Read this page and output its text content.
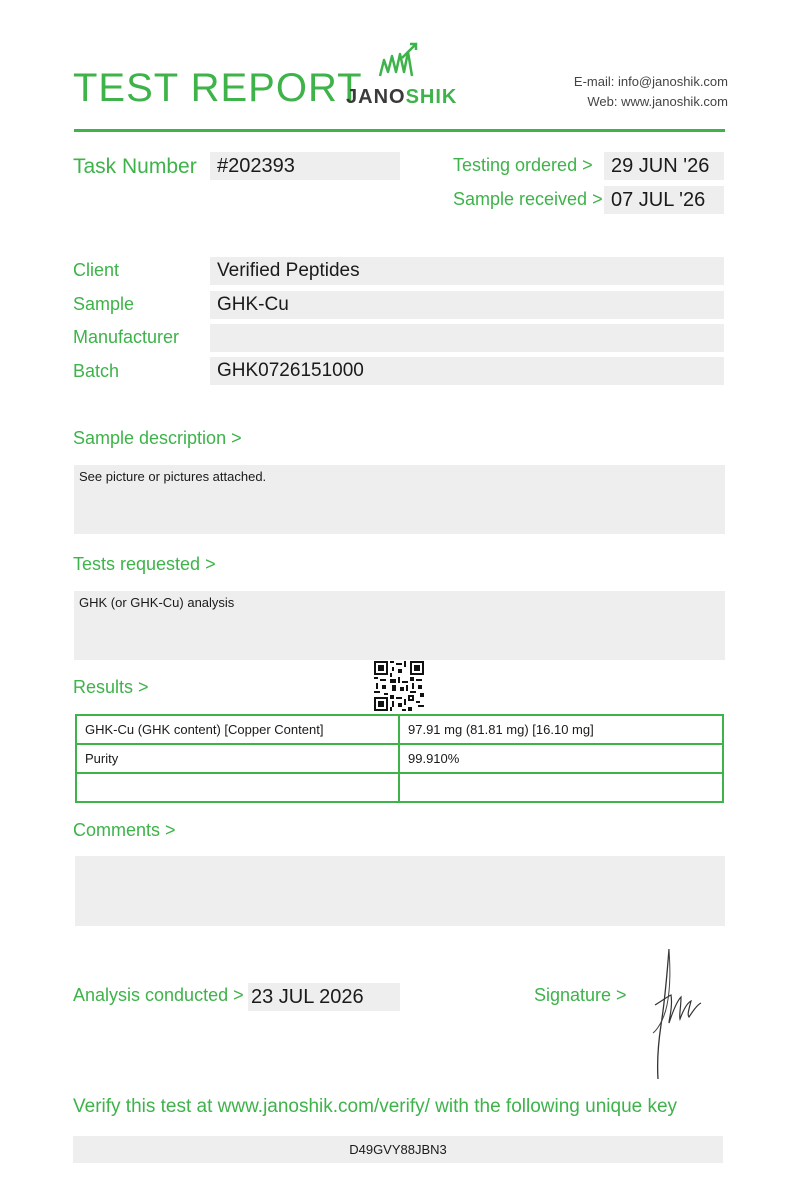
TEST REPORT
JANOSHIK
E-mail: info@janoshik.com
Web: www.janoshik.com
Task Number	#202393	Testing ordered > 29 JUN '26
Sample received > 07 JUL '26
Client	Verified Peptides
Sample	GHK-Cu
Manufacturer
Batch	GHK0726151000
Sample description >
See picture or pictures attached.
Tests requested >
GHK (or GHK-Cu) analysis
Results >
GHK-Cu (GHK content) [Copper Content]	97.91 mg (81.81 mg) [16.10 mg]
Purity	99.910%

Comments >
Analysis conducted > 23 JUL 2026	Signature >
Verify this test at www.janoshik.com/verify/ with the following unique key
D49GVY88JBN3
